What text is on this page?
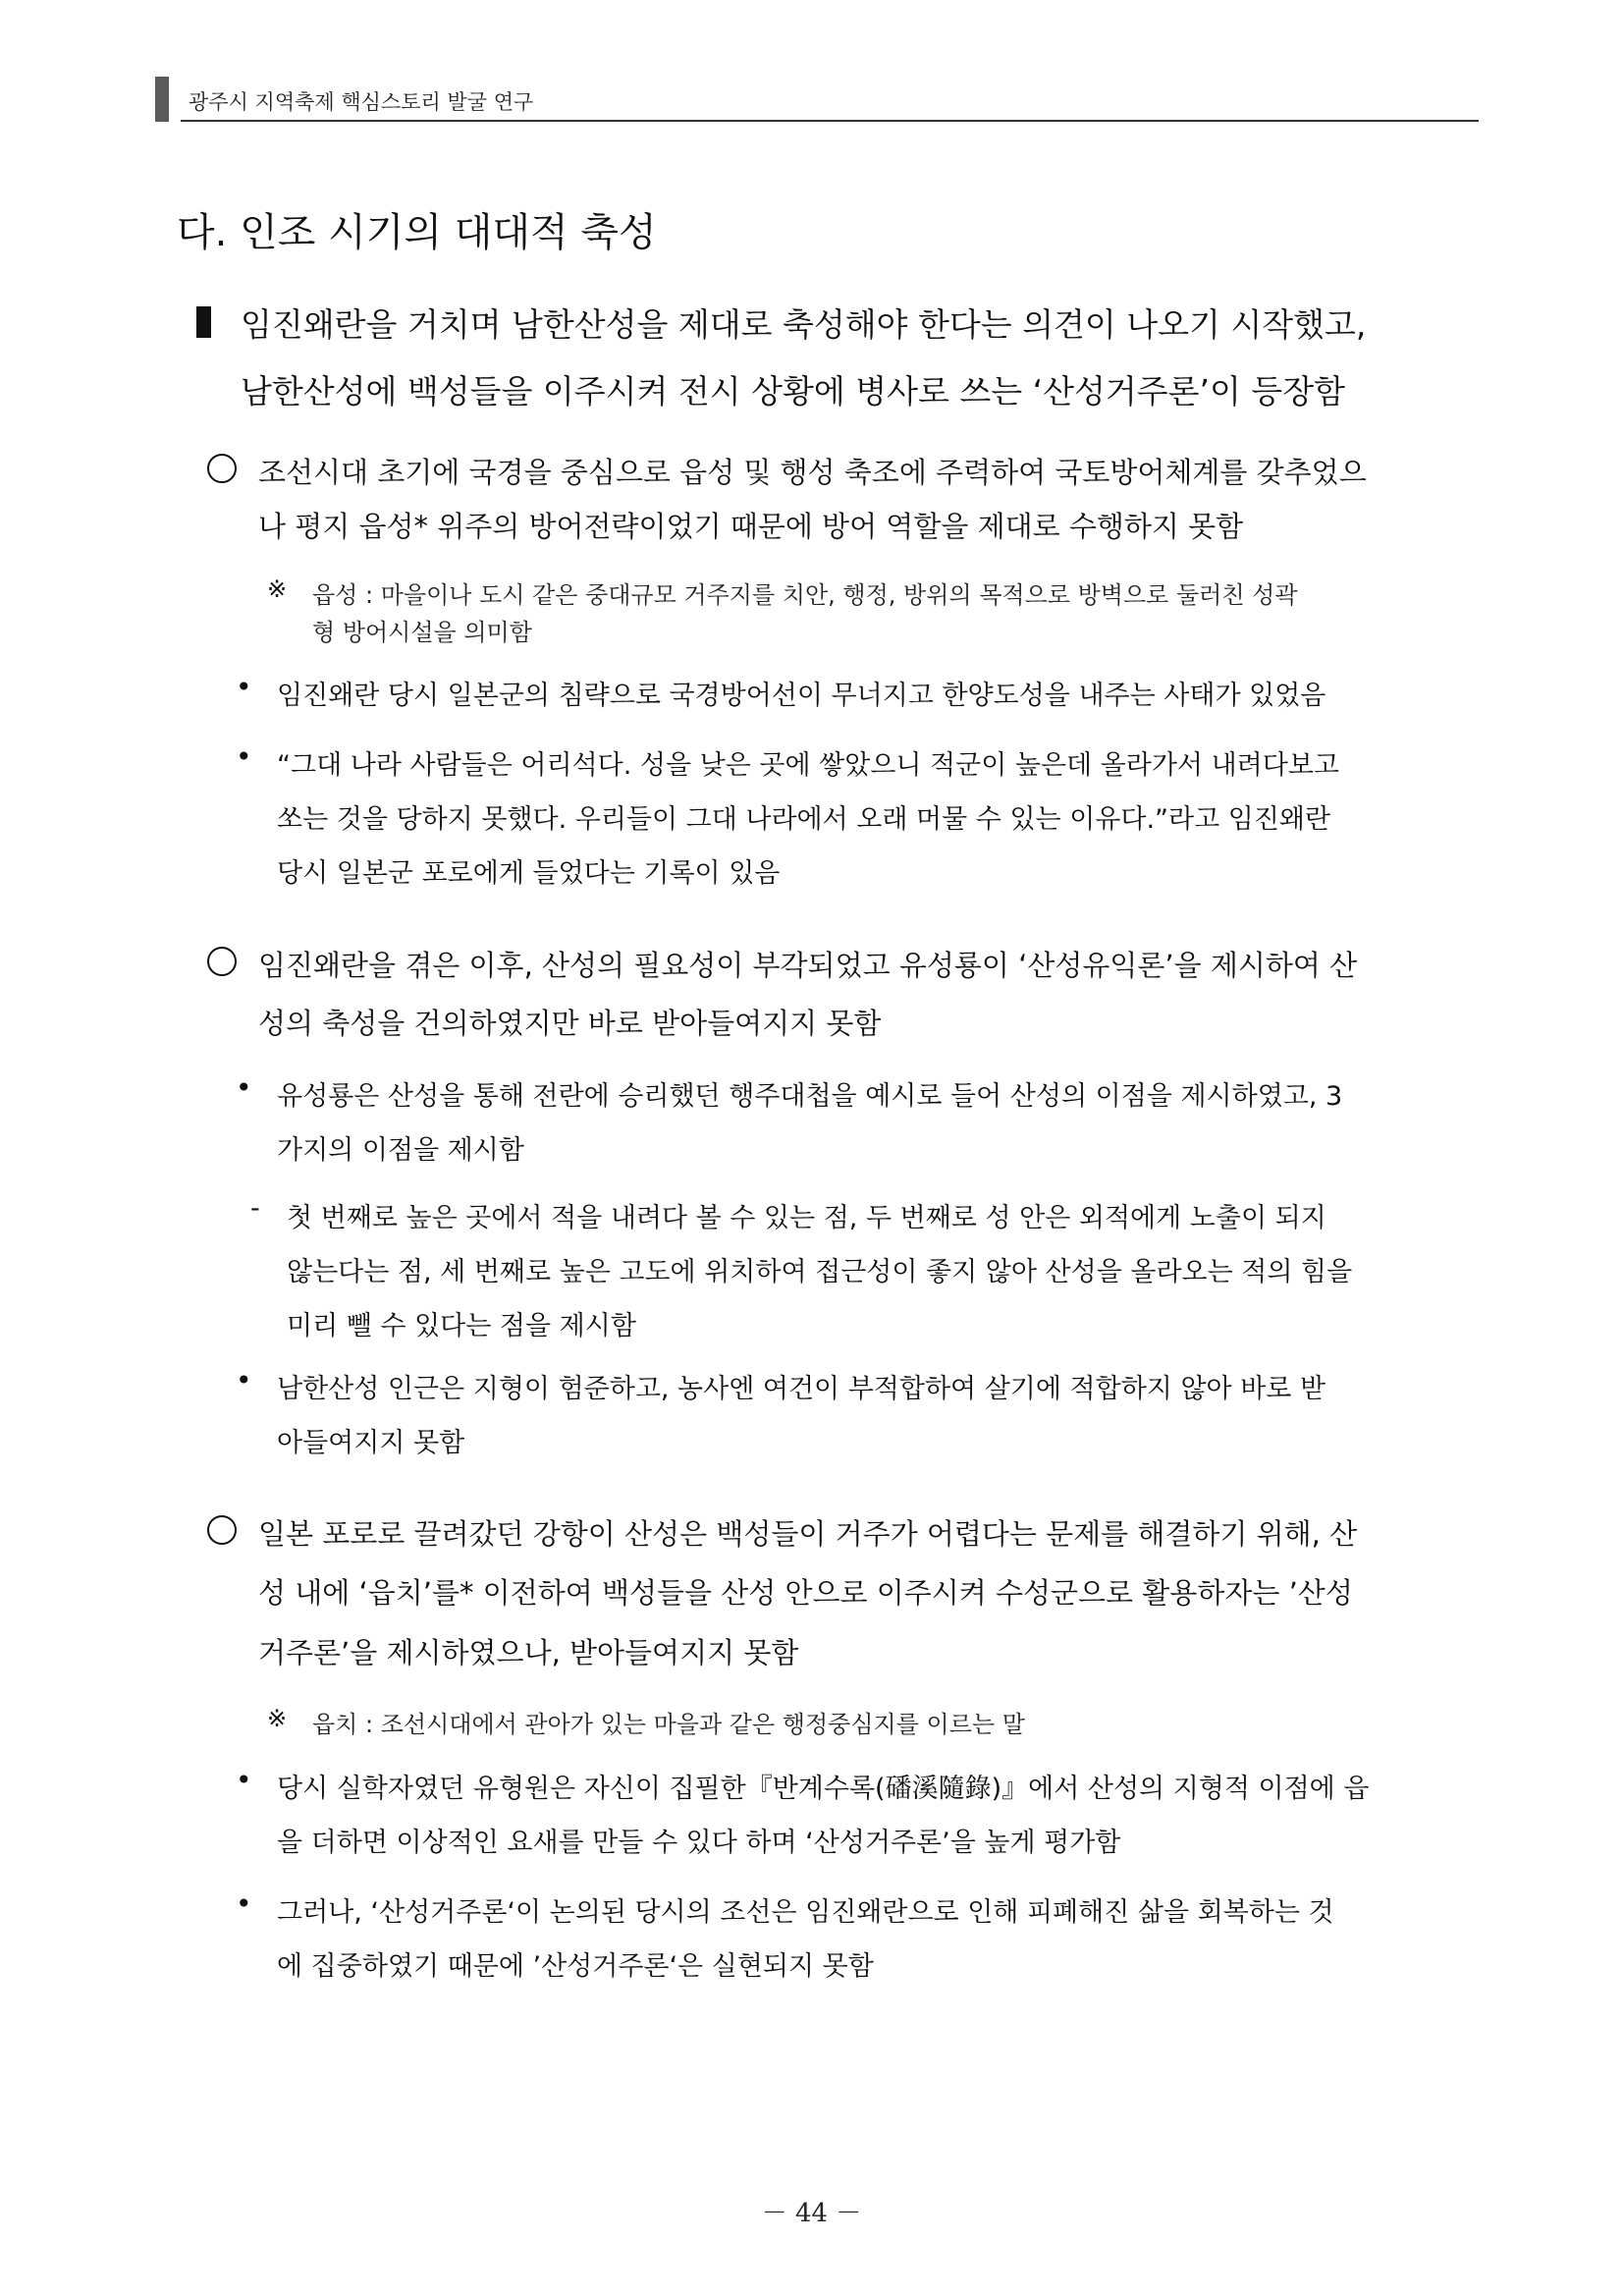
광주시 지역축제 핵심스토리 발굴 연구
다. 인조 시기의 대대적 축성
임진왜란을 거치며 남한산성을 제대로 축성해야 한다는 의견이 나오기 시작했고,
남한산성에 백성들을 이주시켜 전시 상황에 병사로 쓰는 ‘산성거주론’이 등장함
조선시대 초기에 국경을 중심으로 읍성 및 행성 축조에 주력하여 국토방어체계를 갖추었으
나 평지 읍성* 위주의 방어전략이었기 때문에 방어 역할을 제대로 수행하지 못함
※ 읍성 : 마을이나 도시 같은 중대규모 거주지를 치안, 행정, 방위의 목적으로 방벽으로 둘러친 성곽
형 방어시설을 의미함
• 임진왜란 당시 일본군의 침략으로 국경방어선이 무너지고 한양도성을 내주는 사태가 있었음
• “그대 나라 사람들은 어리석다. 성을 낮은 곳에 쌓았으니 적군이 높은데 올라가서 내려다보고
쏘는 것을 당하지 못했다. 우리들이 그대 나라에서 오래 머물 수 있는 이유다.”라고 임진왜란
당시 일본군 포로에게 들었다는 기록이 있음
임진왜란을 겪은 이후, 산성의 필요성이 부각되었고 유성룡이 ‘산성유익론’을 제시하여 산
성의 축성을 건의하였지만 바로 받아들여지지 못함
• 유성룡은 산성을 통해 전란에 승리했던 행주대첩을 예시로 들어 산성의 이점을 제시하였고, 3
가지의 이점을 제시함
- 첫 번째로 높은 곳에서 적을 내려다 볼 수 있는 점, 두 번째로 성 안은 외적에게 노출이 되지
않는다는 점, 세 번째로 높은 고도에 위치하여 접근성이 좋지 않아 산성을 올라오는 적의 힘을
미리 뺄 수 있다는 점을 제시함
• 남한산성 인근은 지형이 험준하고, 농사엔 여건이 부적합하여 살기에 적합하지 않아 바로 받
아들여지지 못함
일본 포로로 끌려갔던 강항이 산성은 백성들이 거주가 어렵다는 문제를 해결하기 위해, 산
성 내에 ‘읍치’를* 이전하여 백성들을 산성 안으로 이주시켜 수성군으로 활용하자는 ’산성
거주론’을 제시하였으나, 받아들여지지 못함
※ 읍치 : 조선시대에서 관아가 있는 마을과 같은 행정중심지를 이르는 말
• 당시 실학자였던 유형원은 자신이 집필한『반계수록(磻溪隨錄)』에서 산성의 지형적 이점에 읍
을 더하면 이상적인 요새를 만들 수 있다 하며 ‘산성거주론’을 높게 평가함
• 그러나, ‘산성거주론‘이 논의된 당시의 조선은 임진왜란으로 인해 피폐해진 삶을 회복하는 것
에 집중하였기 때문에 ’산성거주론‘은 실현되지 못함
－ 44 －
